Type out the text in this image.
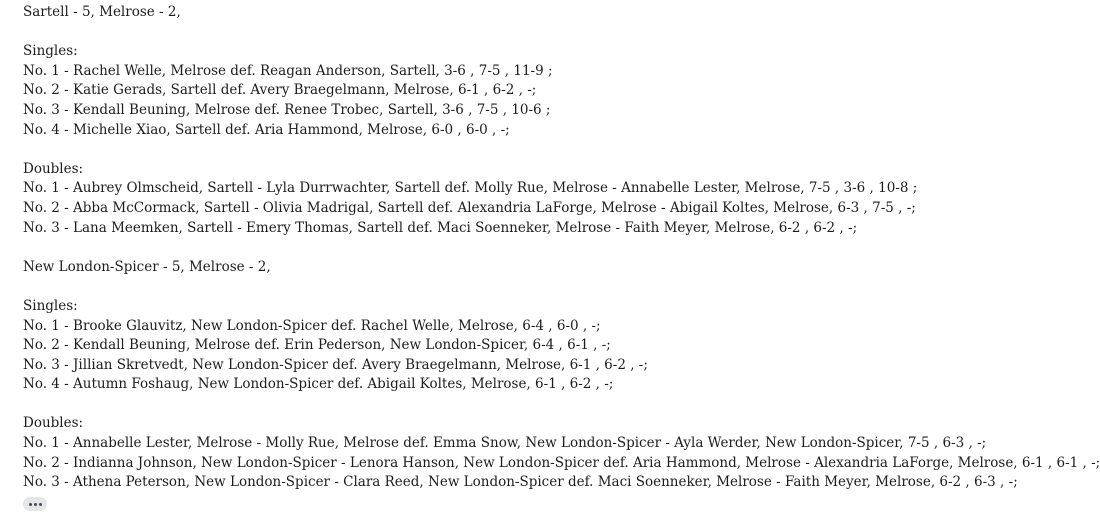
Sartell - 5, Melrose - 2,
Singles:
No. 1 - Rachel Welle, Melrose def. Reagan Anderson, Sartell, 3-6 , 7-5 , 11-9 ;
No. 2 - Katie Gerads, Sartell def. Avery Braegelmann, Melrose, 6-1 , 6-2 , -;
No. 3 - Kendall Beuning, Melrose def. Renee Trobec, Sartell, 3-6 , 7-5 , 10-6 ;
No. 4 - Michelle Xiao, Sartell def. Aria Hammond, Melrose, 6-0 , 6-0 , -;
Doubles:
No. 1 - Aubrey Olmscheid, Sartell - Lyla Durrwachter, Sartell def. Molly Rue, Melrose - Annabelle Lester, Melrose, 7-5 , 3-6 , 10-8 ;
No. 2 - Abba McCormack, Sartell - Olivia Madrigal, Sartell def. Alexandria LaForge, Melrose - Abigail Koltes, Melrose, 6-3 , 7-5 , -;
No. 3 - Lana Meemken, Sartell - Emery Thomas, Sartell def. Maci Soenneker, Melrose - Faith Meyer, Melrose, 6-2 , 6-2 , -;
New London-Spicer - 5, Melrose - 2,
Singles:
No. 1 - Brooke Glauvitz, New London-Spicer def. Rachel Welle, Melrose, 6-4 , 6-0 , -;
No. 2 - Kendall Beuning, Melrose def. Erin Pederson, New London-Spicer, 6-4 , 6-1 , -;
No. 3 - Jillian Skretvedt, New London-Spicer def. Avery Braegelmann, Melrose, 6-1 , 6-2 , -;
No. 4 - Autumn Foshaug, New London-Spicer def. Abigail Koltes, Melrose, 6-1 , 6-2 , -;
Doubles:
No. 1 - Annabelle Lester, Melrose - Molly Rue, Melrose def. Emma Snow, New London-Spicer - Ayla Werder, New London-Spicer, 7-5 , 6-3 , -;
No. 2 - Indianna Johnson, New London-Spicer - Lenora Hanson, New London-Spicer def. Aria Hammond, Melrose - Alexandria LaForge, Melrose, 6-1 , 6-1 , -;
No. 3 - Athena Peterson, New London-Spicer - Clara Reed, New London-Spicer def. Maci Soenneker, Melrose - Faith Meyer, Melrose, 6-2 , 6-3 , -;
